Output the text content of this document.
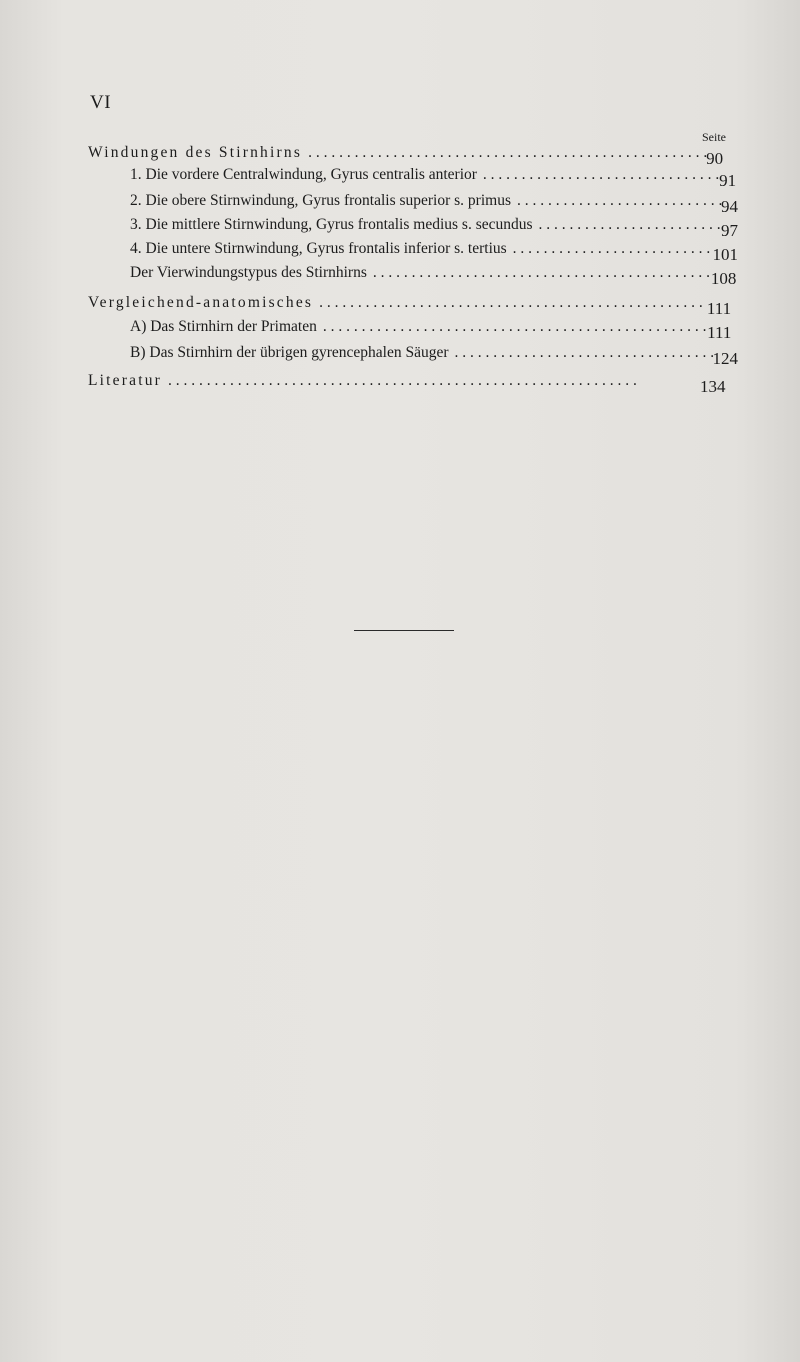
VI
Seite
Windungen des Stirnhirns . . .	90
1. Die vordere Centralwindung, Gyrus centralis anterior . . .	91
2. Die obere Stirnwindung, Gyrus frontalis superior s. primus . . .	94
3. Die mittlere Stirnwindung, Gyrus frontalis medius s. secundus . . .	97
4. Die untere Stirnwindung, Gyrus frontalis inferior s. tertius . . .	101
Der Vierwindungstypus des Stirnhirns . . .	108
Vergleichend-anatomisches . . .	111
A) Das Stirnhirn der Primaten . . .	111
B) Das Stirnhirn der übrigen gyrencephalen Säuger . . .	124
Literatur . . .	134
